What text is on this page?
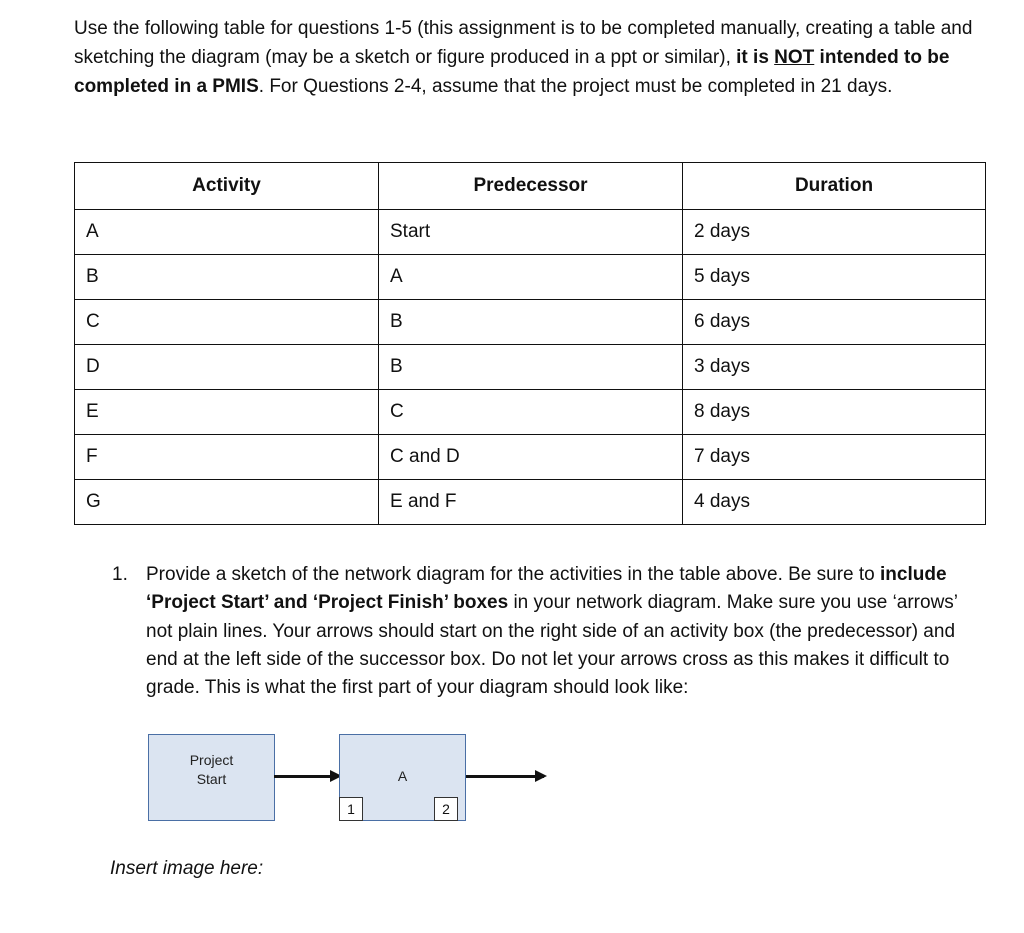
Use the following table for questions 1-5 (this assignment is to be completed manually, creating a table and sketching the diagram (may be a sketch or figure produced in a ppt or similar), it is NOT intended to be completed in a PMIS. For Questions 2-4, assume that the project must be completed in 21 days.
Activity	Predecessor	Duration
A	Start	2 days
B	A	5 days
C	B	6 days
D	B	3 days
E	C	8 days
F	C and D	7 days
G	E and F	4 days
1. Provide a sketch of the network diagram for the activities in the table above. Be sure to include ‘Project Start’ and ‘Project Finish’ boxes in your network diagram. Make sure you use ‘arrows’ not plain lines. Your arrows should start on the right side of an activity box (the predecessor) and end at the left side of the successor box. Do not let your arrows cross as this makes it difficult to grade. This is what the first part of your diagram should look like:
Project
Start	A
1	2
Insert image here:
